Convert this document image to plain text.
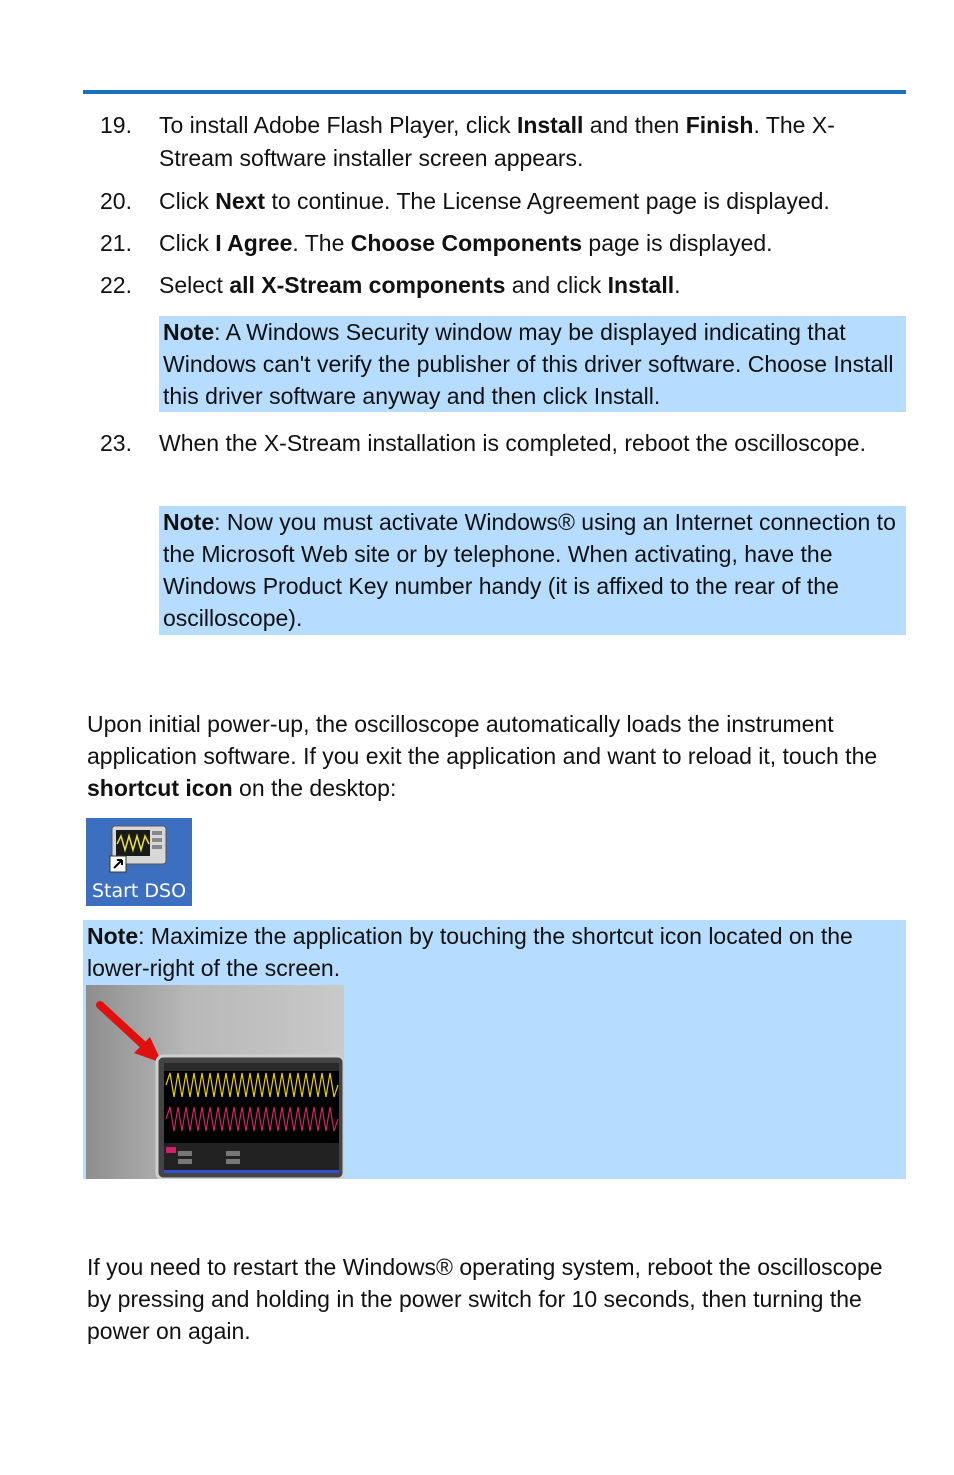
19.	To install Adobe Flash Player, click Install and then Finish. The X-Stream software installer screen appears.
20.	Click Next to continue. The License Agreement page is displayed.
21.	Click I Agree. The Choose Components page is displayed.
22.	Select all X-Stream components and click Install.
Note: A Windows Security window may be displayed indicating that Windows can't verify the publisher of this driver software. Choose Install this driver software anyway and then click Install.
23.	When the X-Stream installation is completed, reboot the oscilloscope.
Note: Now you must activate Windows® using an Internet connection to the Microsoft Web site or by telephone. When activating, have the Windows Product Key number handy (it is affixed to the rear of the oscilloscope).
Upon initial power-up, the oscilloscope automatically loads the instrument application software. If you exit the application and want to reload it, touch the shortcut icon on the desktop:
Start DSO
Note: Maximize the application by touching the shortcut icon located on the lower-right of the screen.
If you need to restart the Windows® operating system, reboot the oscilloscope by pressing and holding in the power switch for 10 seconds, then turning the power on again.
